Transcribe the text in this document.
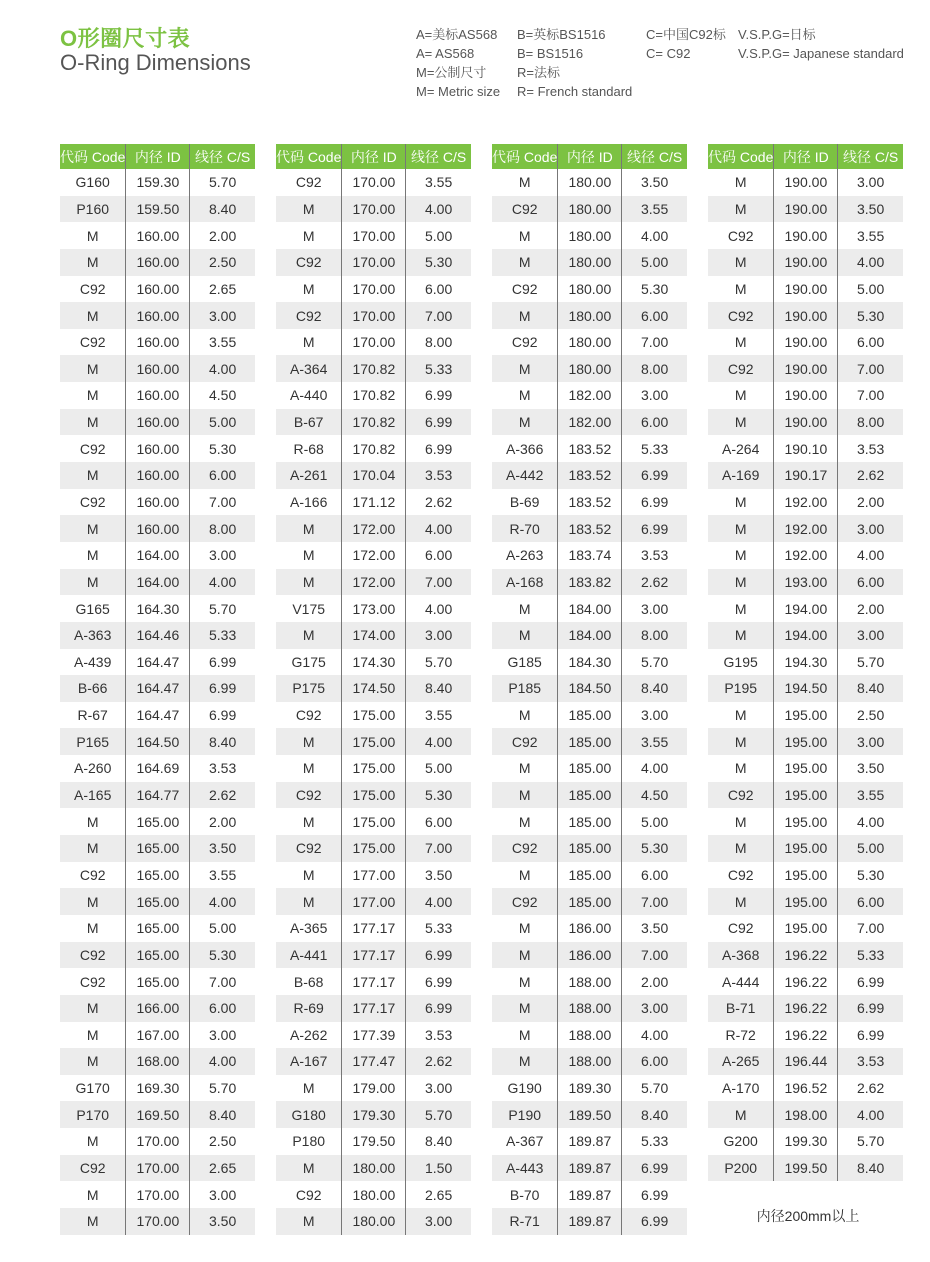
O形圈尺寸表
O-Ring Dimensions
A=美标AS568
A= AS568
M=公制尺寸
M= Metric size
B=英标BS1516
B= BS1516
R=法标
R= French standard
C=中国C92标
C= C92
V.S.P.G=日标
V.S.P.G= Japanese standard
代码 Code	内径 ID	线径 C/S
G160	159.30	5.70
P160	159.50	8.40
M	160.00	2.00
M	160.00	2.50
C92	160.00	2.65
M	160.00	3.00
C92	160.00	3.55
M	160.00	4.00
M	160.00	4.50
M	160.00	5.00
C92	160.00	5.30
M	160.00	6.00
C92	160.00	7.00
M	160.00	8.00
M	164.00	3.00
M	164.00	4.00
G165	164.30	5.70
A-363	164.46	5.33
A-439	164.47	6.99
B-66	164.47	6.99
R-67	164.47	6.99
P165	164.50	8.40
A-260	164.69	3.53
A-165	164.77	2.62
M	165.00	2.00
M	165.00	3.50
C92	165.00	3.55
M	165.00	4.00
M	165.00	5.00
C92	165.00	5.30
C92	165.00	7.00
M	166.00	6.00
M	167.00	3.00
M	168.00	4.00
G170	169.30	5.70
P170	169.50	8.40
M	170.00	2.50
C92	170.00	2.65
M	170.00	3.00
M	170.00	3.50
代码 Code	内径 ID	线径 C/S
C92	170.00	3.55
M	170.00	4.00
M	170.00	5.00
C92	170.00	5.30
M	170.00	6.00
C92	170.00	7.00
M	170.00	8.00
A-364	170.82	5.33
A-440	170.82	6.99
B-67	170.82	6.99
R-68	170.82	6.99
A-261	170.04	3.53
A-166	171.12	2.62
M	172.00	4.00
M	172.00	6.00
M	172.00	7.00
V175	173.00	4.00
M	174.00	3.00
G175	174.30	5.70
P175	174.50	8.40
C92	175.00	3.55
M	175.00	4.00
M	175.00	5.00
C92	175.00	5.30
M	175.00	6.00
C92	175.00	7.00
M	177.00	3.50
M	177.00	4.00
A-365	177.17	5.33
A-441	177.17	6.99
B-68	177.17	6.99
R-69	177.17	6.99
A-262	177.39	3.53
A-167	177.47	2.62
M	179.00	3.00
G180	179.30	5.70
P180	179.50	8.40
M	180.00	1.50
C92	180.00	2.65
M	180.00	3.00
代码 Code	内径 ID	线径 C/S
M	180.00	3.50
C92	180.00	3.55
M	180.00	4.00
M	180.00	5.00
C92	180.00	5.30
M	180.00	6.00
C92	180.00	7.00
M	180.00	8.00
M	182.00	3.00
M	182.00	6.00
A-366	183.52	5.33
A-442	183.52	6.99
B-69	183.52	6.99
R-70	183.52	6.99
A-263	183.74	3.53
A-168	183.82	2.62
M	184.00	3.00
M	184.00	8.00
G185	184.30	5.70
P185	184.50	8.40
M	185.00	3.00
C92	185.00	3.55
M	185.00	4.00
M	185.00	4.50
M	185.00	5.00
C92	185.00	5.30
M	185.00	6.00
C92	185.00	7.00
M	186.00	3.50
M	186.00	7.00
M	188.00	2.00
M	188.00	3.00
M	188.00	4.00
M	188.00	6.00
G190	189.30	5.70
P190	189.50	8.40
A-367	189.87	5.33
A-443	189.87	6.99
B-70	189.87	6.99
R-71	189.87	6.99
代码 Code	内径 ID	线径 C/S
M	190.00	3.00
M	190.00	3.50
C92	190.00	3.55
M	190.00	4.00
M	190.00	5.00
C92	190.00	5.30
M	190.00	6.00
C92	190.00	7.00
M	190.00	7.00
M	190.00	8.00
A-264	190.10	3.53
A-169	190.17	2.62
M	192.00	2.00
M	192.00	3.00
M	192.00	4.00
M	193.00	6.00
M	194.00	2.00
M	194.00	3.00
G195	194.30	5.70
P195	194.50	8.40
M	195.00	2.50
M	195.00	3.00
M	195.00	3.50
C92	195.00	3.55
M	195.00	4.00
M	195.00	5.00
C92	195.00	5.30
M	195.00	6.00
C92	195.00	7.00
A-368	196.22	5.33
A-444	196.22	6.99
B-71	196.22	6.99
R-72	196.22	6.99
A-265	196.44	3.53
A-170	196.52	2.62
M	198.00	4.00
G200	199.30	5.70
P200	199.50	8.40
内径200mm以上
